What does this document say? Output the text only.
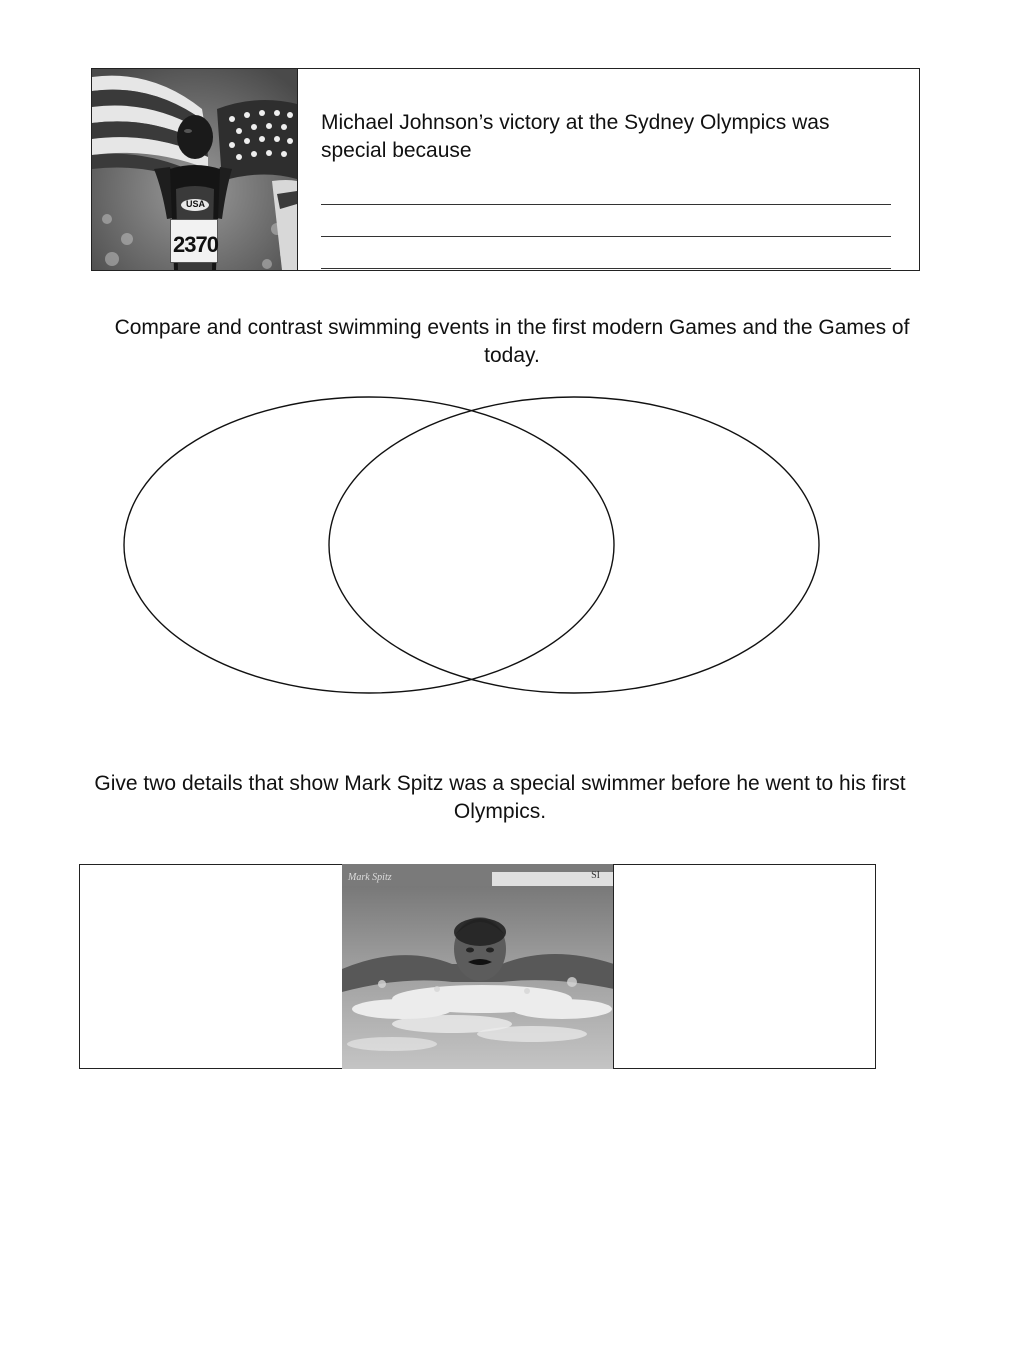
USA
2370
Michael Johnson’s victory at the Sydney Olympics was special because
Compare and contrast swimming events in the first modern Games and the Games of today.
Give two details that show Mark Spitz was a special swimmer before he went to his first Olympics.
Mark Spitz	SI
